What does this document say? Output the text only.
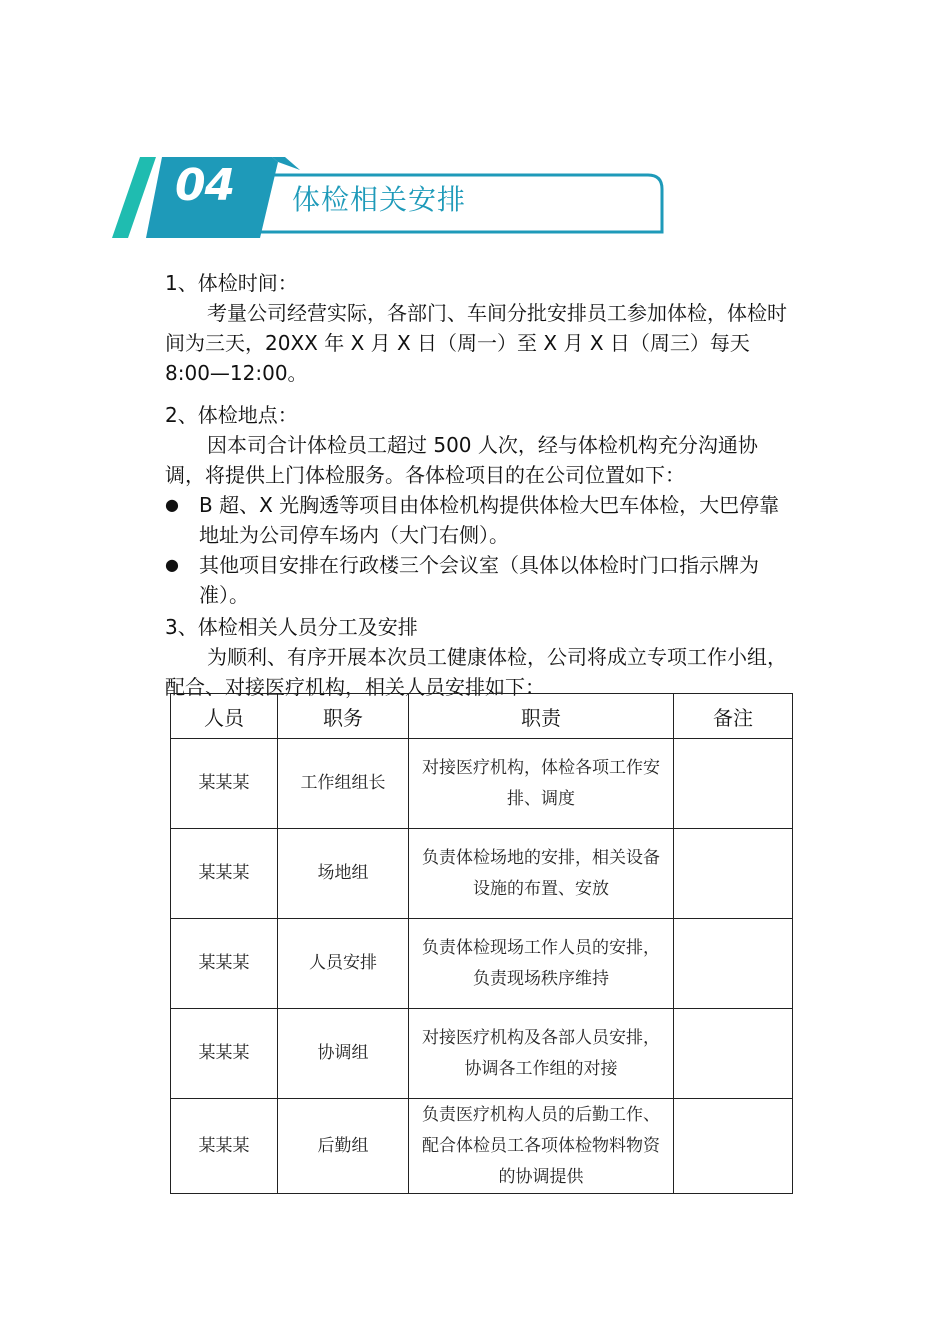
04	体检相关安排

1、体检时间：

考量公司经营实际，各部门、车间分批安排员工参加体检，体检时间为三天，20XX 年 X 月 X 日（周一）至 X 月 X 日（周三）每天 8:00—12:00。

2、体检地点：

因本司合计体检员工超过 500 人次，经与体检机构充分沟通协调，将提供上门体检服务。各体检项目的在公司位置如下：

●	B 超、X 光胸透等项目由体检机构提供体检大巴车体检，大巴停靠地址为公司停车场内（大门右侧）。
●	其他项目安排在行政楼三个会议室（具体以体检时门口指示牌为准）。

3、体检相关人员分工及安排

为顺利、有序开展本次员工健康体检，公司将成立专项工作小组，配合、对接医疗机构，相关人员安排如下：

人员	职务	职责	备注
某某某	工作组组长	对接医疗机构，体检各项工作安排、调度	
某某某	场地组	负责体检场地的安排，相关设备设施的布置、安放	
某某某	人员安排	负责体检现场工作人员的安排，负责现场秩序维持	
某某某	协调组	对接医疗机构及各部人员安排，协调各工作组的对接	
某某某	后勤组	负责医疗机构人员的后勤工作、配合体检员工各项体检物料物资的协调提供	
